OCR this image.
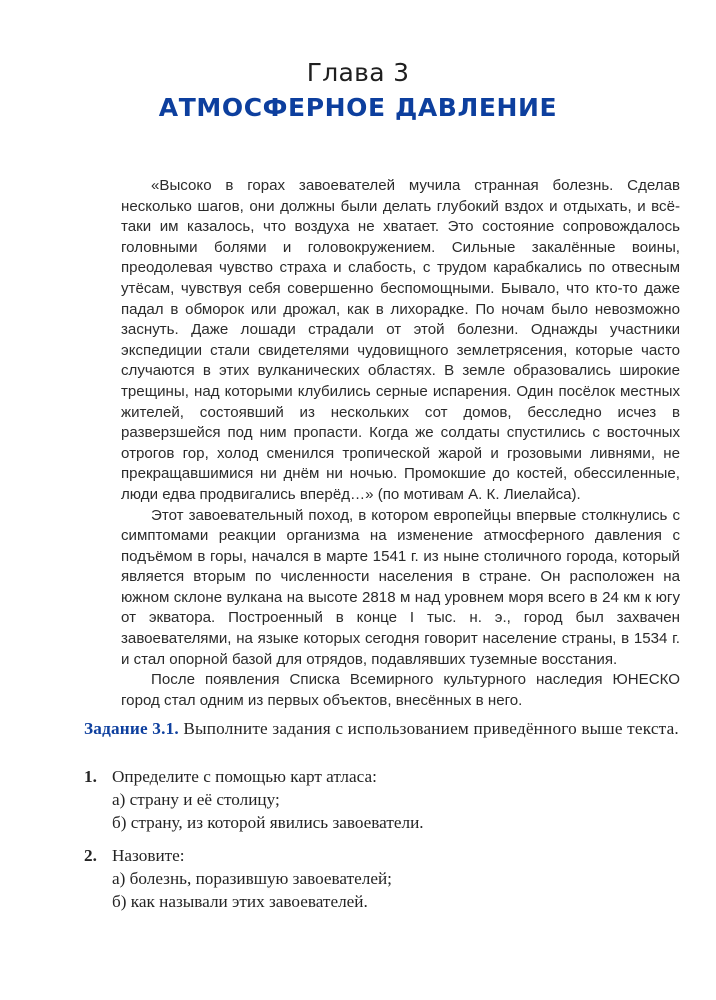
Глава 3
АТМОСФЕРНОЕ ДАВЛЕНИЕ

«Высоко в горах завоевателей мучила странная болезнь. Сделав несколько шагов, они должны были делать глубокий вздох и отдыхать, и всё-таки им казалось, что воздуха не хватает. Это состояние сопровождалось головными болями и головокружением. Сильные закалённые воины, преодолевая чувство страха и слабость, с трудом карабкались по отвесным утёсам, чувствуя себя совершенно беспомощными. Бывало, что кто-то даже падал в обморок или дрожал, как в лихорадке. По ночам было невозможно заснуть. Даже лошади страдали от этой болезни. Однажды участники экспедиции стали свидетелями чудовищного землетрясения, которые часто случаются в этих вулканических областях. В земле образовались широкие трещины, над которыми клубились серные испарения. Один посёлок местных жителей, состоявший из нескольких сот домов, бесследно исчез в разверзшейся под ним пропасти. Когда же солдаты спустились с восточных отрогов гор, холод сменился тропической жарой и грозовыми ливнями, не прекращавшимися ни днём ни ночью. Промокшие до костей, обессиленные, люди едва продвигались вперёд…» (по мотивам А. К. Лиелайса).

Этот завоевательный поход, в котором европейцы впервые столкнулись с симптомами реакции организма на изменение атмосферного давления с подъёмом в горы, начался в марте 1541 г. из ныне столичного города, который является вторым по численности населения в стране. Он расположен на южном склоне вулкана на высоте 2818 м над уровнем моря всего в 24 км к югу от экватора. Построенный в конце I тыс. н. э., город был захвачен завоевателями, на языке которых сегодня говорит население страны, в 1534 г. и стал опорной базой для отрядов, подавлявших туземные восстания.

После появления Списка Всемирного культурного наследия ЮНЕСКО город стал одним из первых объектов, внесённых в него.

Задание 3.1. Выполните задания с использованием приведённого выше текста.

1. Определите с помощью карт атласа:
а) страну и её столицу;
б) страну, из которой явились завоеватели.
2. Назовите:
а) болезнь, поразившую завоевателей;
б) как называли этих завоевателей.
